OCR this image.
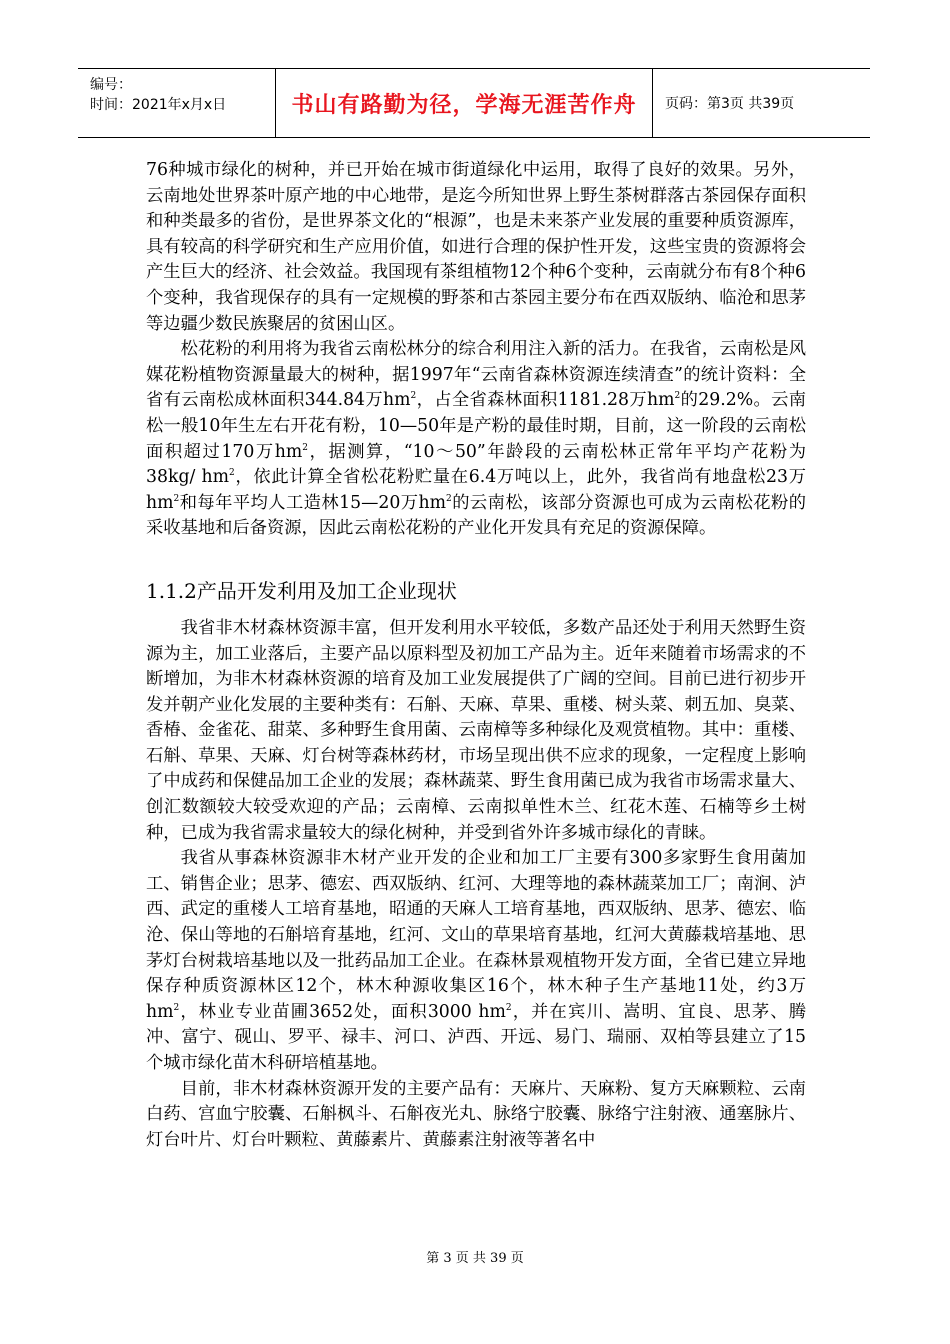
编号：
时间：2021年x月x日	书山有路勤为径，学海无涯苦作舟	页码：第3页 共39页

76种城市绿化的树种，并已开始在城市街道绿化中运用，取得了良好的效果。另外，云南地处世界茶叶原产地的中心地带，是迄今所知世界上野生茶树群落古茶园保存面积和种类最多的省份，是世界茶文化的“根源”，也是未来茶产业发展的重要种质资源库，具有较高的科学研究和生产应用价值，如进行合理的保护性开发，这些宝贵的资源将会产生巨大的经济、社会效益。我国现有茶组植物12个种6个变种，云南就分布有8个种6个变种，我省现保存的具有一定规模的野茶和古茶园主要分布在西双版纳、临沧和思茅等边疆少数民族聚居的贫困山区。

松花粉的利用将为我省云南松林分的综合利用注入新的活力。在我省，云南松是风媒花粉植物资源量最大的树种，据1997年“云南省森林资源连续清查”的统计资料：全省有云南松成林面积344.84万$hm^2$，占全省森林面积1181.28万$hm^2$的29.2%。云南松一般10年生左右开花有粉，10—50年是产粉的最佳时期，目前，这一阶段的云南松面积超过170万$hm^2$，据测算，“10～50”年龄段的云南松林正常年平均产花粉为38kg/ $hm^2$，依此计算全省松花粉贮量在6.4万吨以上，此外，我省尚有地盘松23万$hm^2$和每年平均人工造林15—20万$hm^2$的云南松，该部分资源也可成为云南松花粉的采收基地和后备资源，因此云南松花粉的产业化开发具有充足的资源保障。

1.1.2产品开发利用及加工企业现状

我省非木材森林资源丰富，但开发利用水平较低，多数产品还处于利用天然野生资源为主，加工业落后，主要产品以原料型及初加工产品为主。近年来随着市场需求的不断增加，为非木材森林资源的培育及加工业发展提供了广阔的空间。目前已进行初步开发并朝产业化发展的主要种类有：石斛、天麻、草果、重楼、树头菜、刺五加、臭菜、香椿、金雀花、甜菜、多种野生食用菌、云南樟等多种绿化及观赏植物。其中：重楼、石斛、草果、天麻、灯台树等森林药材，市场呈现出供不应求的现象，一定程度上影响了中成药和保健品加工企业的发展；森林蔬菜、野生食用菌已成为我省市场需求量大、创汇数额较大较受欢迎的产品；云南樟、云南拟单性木兰、红花木莲、石楠等乡土树种，已成为我省需求量较大的绿化树种，并受到省外许多城市绿化的青睐。

我省从事森林资源非木材产业开发的企业和加工厂主要有300多家野生食用菌加工、销售企业；思茅、德宏、西双版纳、红河、大理等地的森林蔬菜加工厂；南涧、泸西、武定的重楼人工培育基地，昭通的天麻人工培育基地，西双版纳、思茅、德宏、临沧、保山等地的石斛培育基地，红河、文山的草果培育基地，红河大黄藤栽培基地、思茅灯台树栽培基地以及一批药品加工企业。在森林景观植物开发方面，全省已建立异地保存种质资源林区12个，林木种源收集区16个，林木种子生产基地11处，约3万$hm^2$，林业专业苗圃3652处，面积3000 $hm^2$，并在宾川、嵩明、宜良、思茅、腾冲、富宁、砚山、罗平、禄丰、河口、泸西、开远、易门、瑞丽、双柏等县建立了15个城市绿化苗木科研培植基地。

目前，非木材森林资源开发的主要产品有：天麻片、天麻粉、复方天麻颗粒、云南白药、宫血宁胶囊、石斛枫斗、石斛夜光丸、脉络宁胶囊、脉络宁注射液、通塞脉片、灯台叶片、灯台叶颗粒、黄藤素片、黄藤素注射液等著名中

第 3 页 共 39 页
